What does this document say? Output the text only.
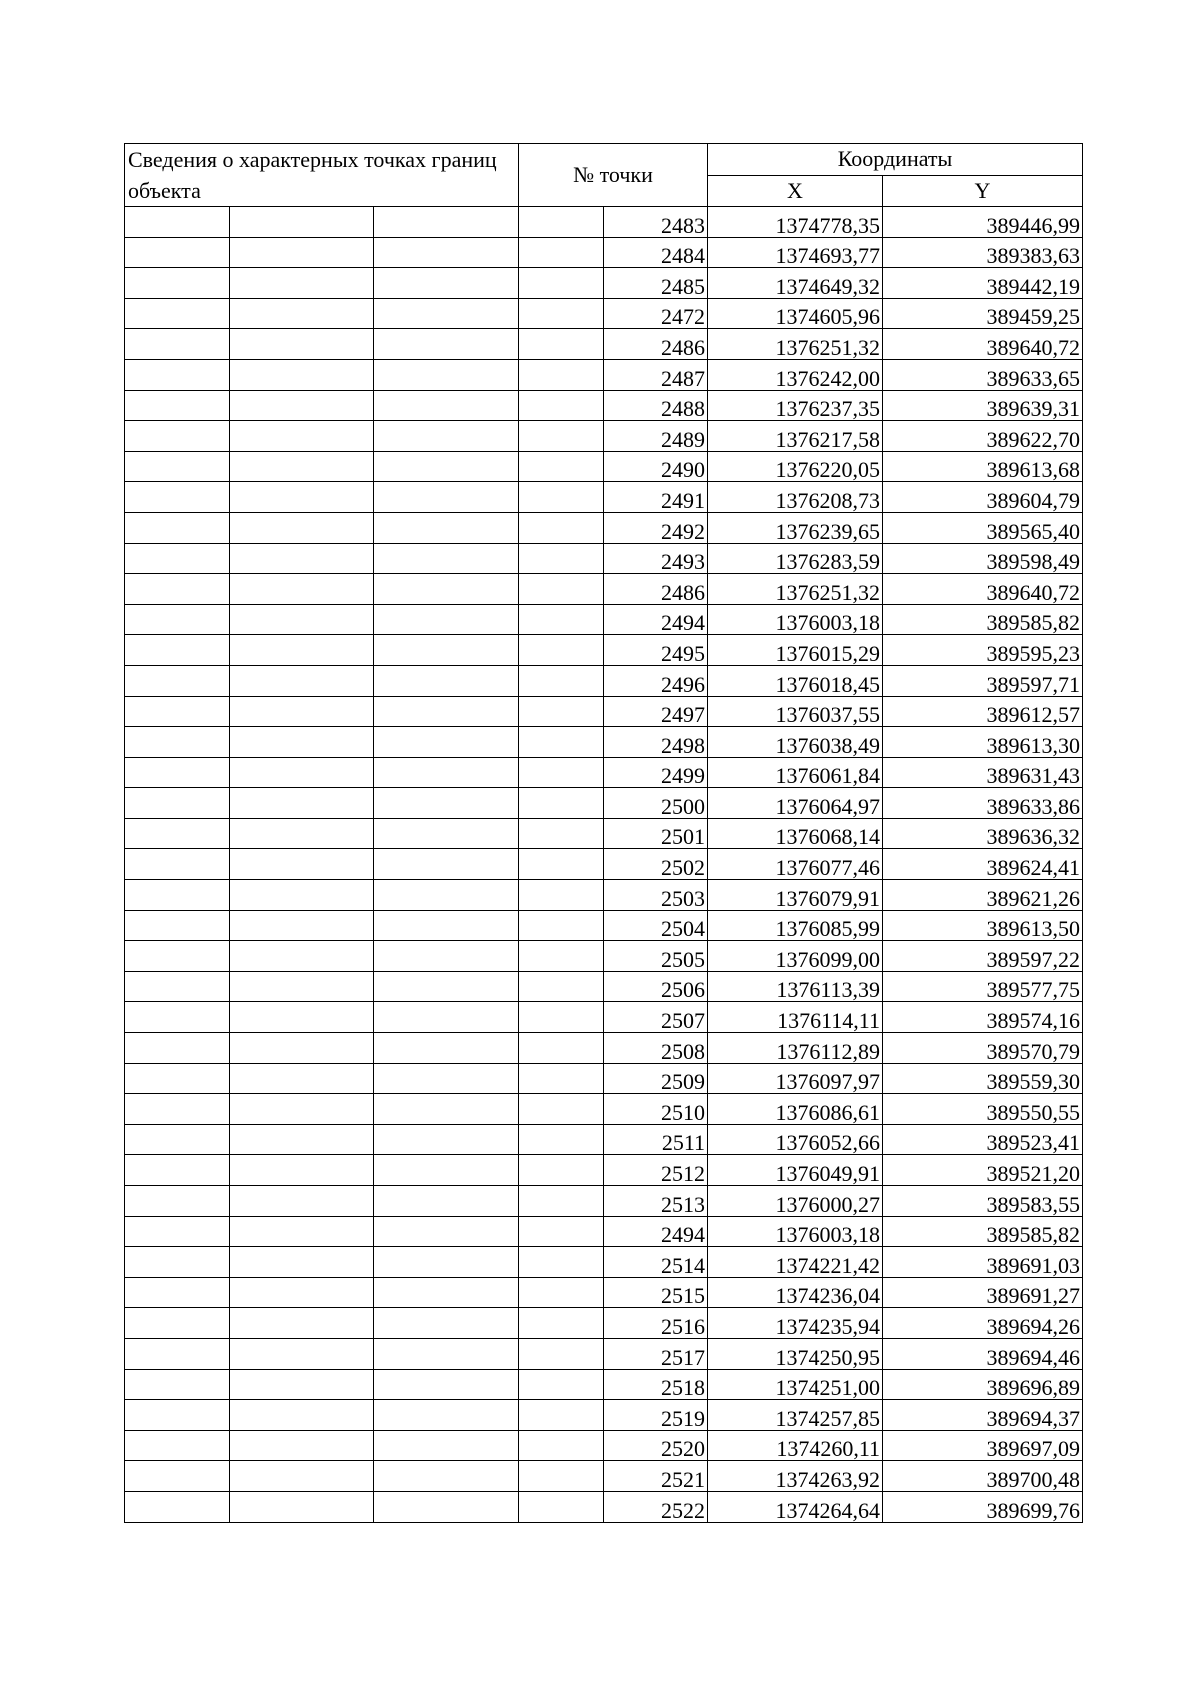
Сведения о характерных точках границ объекта			№ точки		Координаты	
					X	Y
				2483	1374778,35	389446,99
				2484	1374693,77	389383,63
				2485	1374649,32	389442,19
				2472	1374605,96	389459,25
				2486	1376251,32	389640,72
				2487	1376242,00	389633,65
				2488	1376237,35	389639,31
				2489	1376217,58	389622,70
				2490	1376220,05	389613,68
				2491	1376208,73	389604,79
				2492	1376239,65	389565,40
				2493	1376283,59	389598,49
				2486	1376251,32	389640,72
				2494	1376003,18	389585,82
				2495	1376015,29	389595,23
				2496	1376018,45	389597,71
				2497	1376037,55	389612,57
				2498	1376038,49	389613,30
				2499	1376061,84	389631,43
				2500	1376064,97	389633,86
				2501	1376068,14	389636,32
				2502	1376077,46	389624,41
				2503	1376079,91	389621,26
				2504	1376085,99	389613,50
				2505	1376099,00	389597,22
				2506	1376113,39	389577,75
				2507	1376114,11	389574,16
				2508	1376112,89	389570,79
				2509	1376097,97	389559,30
				2510	1376086,61	389550,55
				2511	1376052,66	389523,41
				2512	1376049,91	389521,20
				2513	1376000,27	389583,55
				2494	1376003,18	389585,82
				2514	1374221,42	389691,03
				2515	1374236,04	389691,27
				2516	1374235,94	389694,26
				2517	1374250,95	389694,46
				2518	1374251,00	389696,89
				2519	1374257,85	389694,37
				2520	1374260,11	389697,09
				2521	1374263,92	389700,48
				2522	1374264,64	389699,76
